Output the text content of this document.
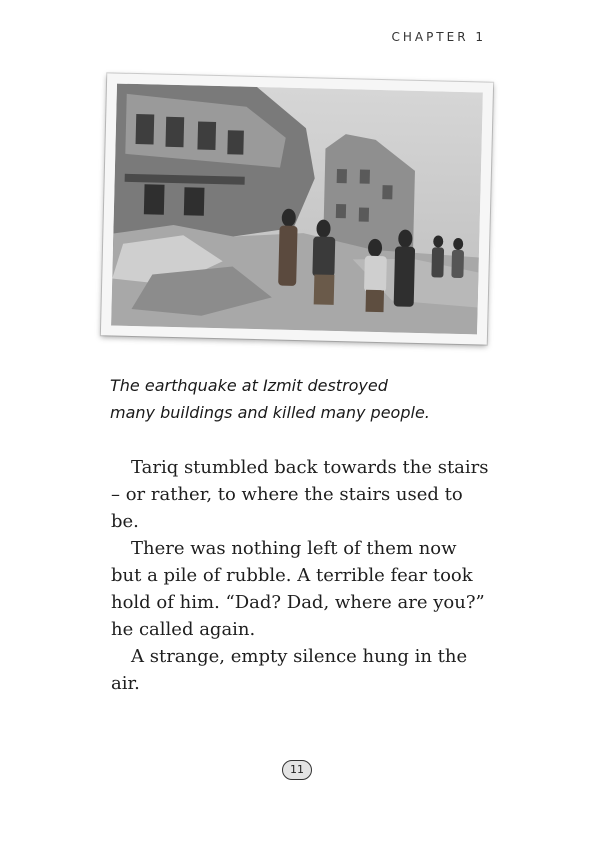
CHAPTER 1

The earthquake at Izmit destroyed

many buildings and killed many people.

Tariq stumbled back towards the stairs – or rather, to where the stairs used to be.

There was nothing left of them now but a pile of rubble. A terrible fear took hold of him. “Dad? Dad, where are you?” he called again.

A strange, empty silence hung in the air.

11
